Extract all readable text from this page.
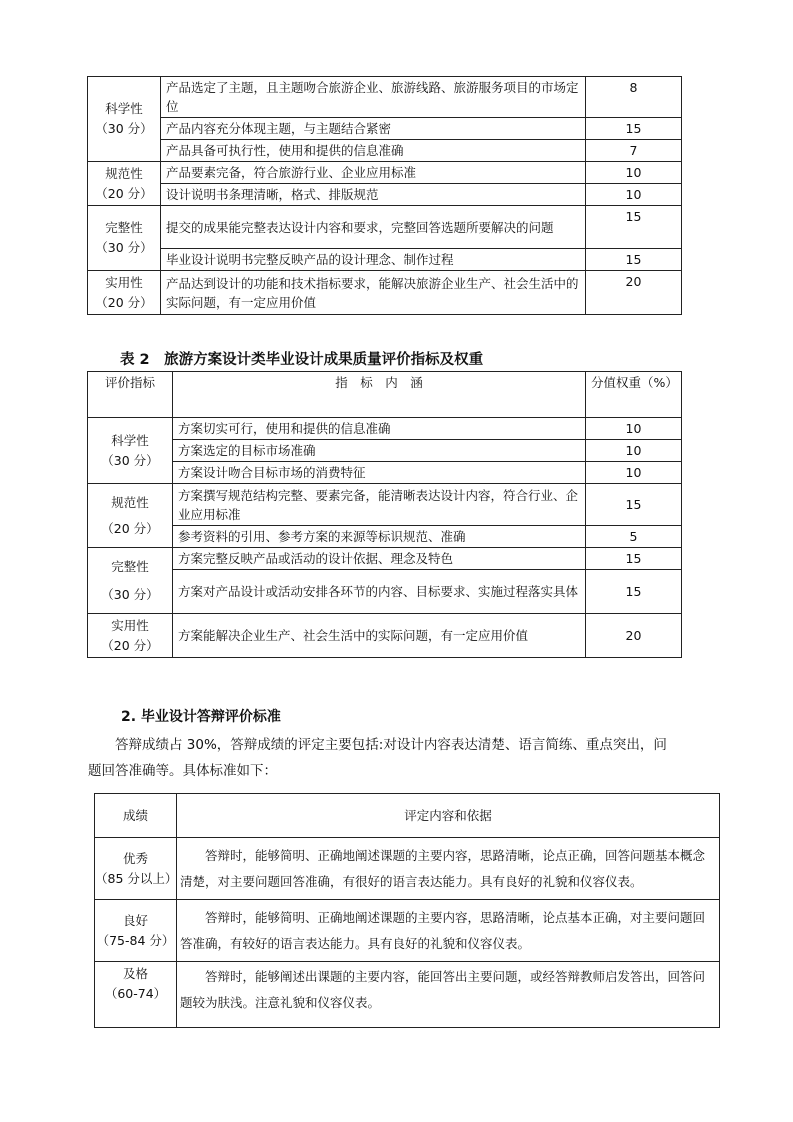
科学性
（30 分）	产品选定了主题，且主题吻合旅游企业、旅游线路、旅游服务项目的市场定位	8
	产品内容充分体现主题，与主题结合紧密	15
	产品具备可执行性，使用和提供的信息准确	7
规范性
（20 分）	产品要素完备，符合旅游行业、企业应用标准	10
	设计说明书条理清晰，格式、排版规范	10
完整性
（30 分）	提交的成果能完整表达设计内容和要求，完整回答选题所要解决的问题	15
	毕业设计说明书完整反映产品的设计理念、制作过程	15
实用性
（20 分）	产品达到设计的功能和技术指标要求，能解决旅游企业生产、社会生活中的实际问题，有一定应用价值	20
表 2　旅游方案设计类毕业设计成果质量评价指标及权重
评价指标	指　标　内　涵	分值权重（%）
科学性
（30 分）	方案切实可行，使用和提供的信息准确	10
	方案选定的目标市场准确	10
	方案设计吻合目标市场的消费特征	10
规范性
（20 分）	方案撰写规范结构完整、要素完备，能清晰表达设计内容，符合行业、企业应用标准	15
	参考资料的引用、参考方案的来源等标识规范、准确	5
完整性
（30 分）	方案完整反映产品或活动的设计依据、理念及特色	15
	方案对产品设计或活动安排各环节的内容、目标要求、实施过程落实具体	15
实用性
（20 分）	方案能解决企业生产、社会生活中的实际问题，有一定应用价值	20
2. 毕业设计答辩评价标准
答辩成绩占 30%，答辩成绩的评定主要包括:对设计内容表达清楚、语言简练、重点突出，问题回答准确等。具体标准如下：
成绩	评定内容和依据
优秀
（85 分以上）	答辩时，能够简明、正确地阐述课题的主要内容，思路清晰，论点正确，回答问题基本概念清楚，对主要问题回答准确，有很好的语言表达能力。具有良好的礼貌和仪容仪表。
良好
（75-84 分）	答辩时，能够简明、正确地阐述课题的主要内容，思路清晰，论点基本正确，对主要问题回答准确，有较好的语言表达能力。具有良好的礼貌和仪容仪表。
及格
（60-74）	答辩时，能够阐述出课题的主要内容，能回答出主要问题，或经答辩教师启发答出，回答问题较为肤浅。注意礼貌和仪容仪表。
